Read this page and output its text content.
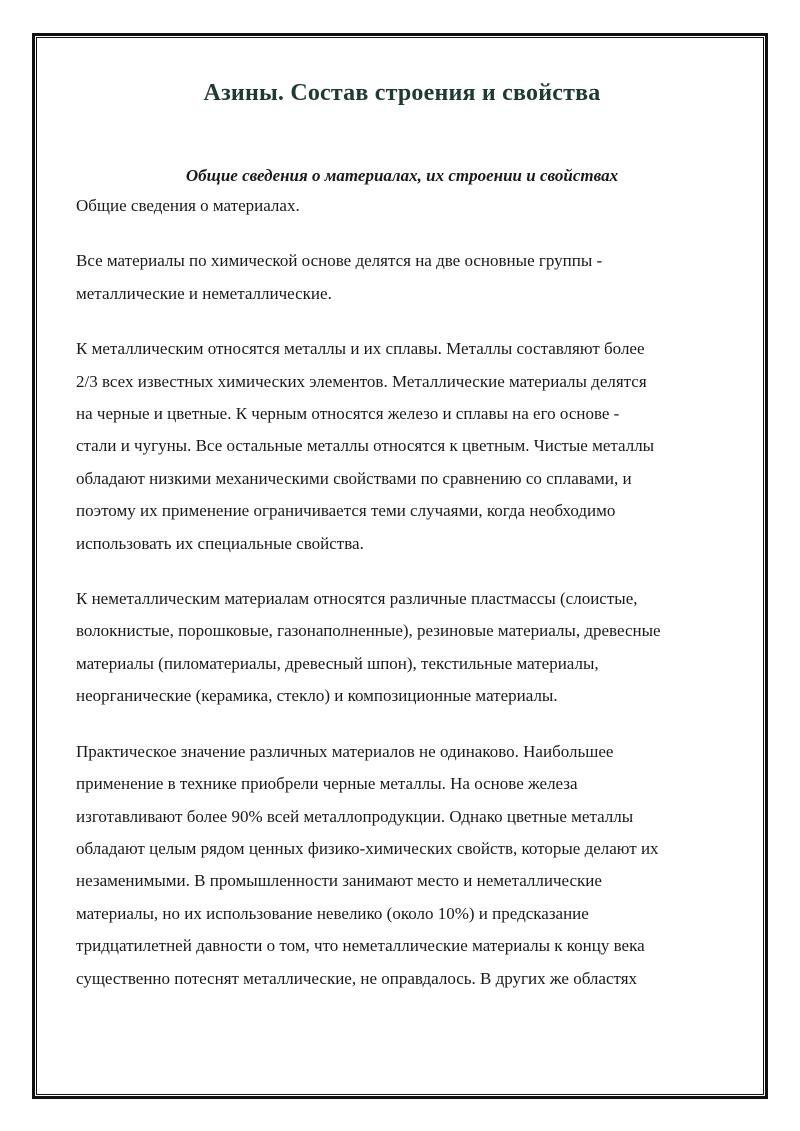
Азины. Состав строения и свойства
Общие сведения о материалах, их строении и свойствах

Общие сведения о материалах.

Все материалы по химической основе делятся на две основные группы -
металлические и неметаллические.

К металлическим относятся металлы и их сплавы. Металлы составляют более
2/3 всех известных химических элементов. Металлические материалы делятся
на черные и цветные. К черным относятся железо и сплавы на его основе -
стали и чугуны. Все остальные металлы относятся к цветным. Чистые металлы
обладают низкими механическими свойствами по сравнению со сплавами, и
поэтому их применение ограничивается теми случаями, когда необходимо
использовать их специальные свойства.

К неметаллическим материалам относятся различные пластмассы (слоистые,
волокнистые, порошковые, газонаполненные), резиновые материалы, древесные
материалы (пиломатериалы, древесный шпон), текстильные материалы,
неорганические (керамика, стекло) и композиционные материалы.

Практическое значение различных материалов не одинаково. Наибольшее
применение в технике приобрели черные металлы. На основе железа
изготавливают более 90% всей металлопродукции. Однако цветные металлы
обладают целым рядом ценных физико-химических свойств, которые делают их
незаменимыми. В промышленности занимают место и неметаллические
материалы, но их использование невелико (около 10%) и предсказание
тридцатилетней давности о том, что неметаллические материалы к концу века
существенно потеснят металлические, не оправдалось. В других же областях
